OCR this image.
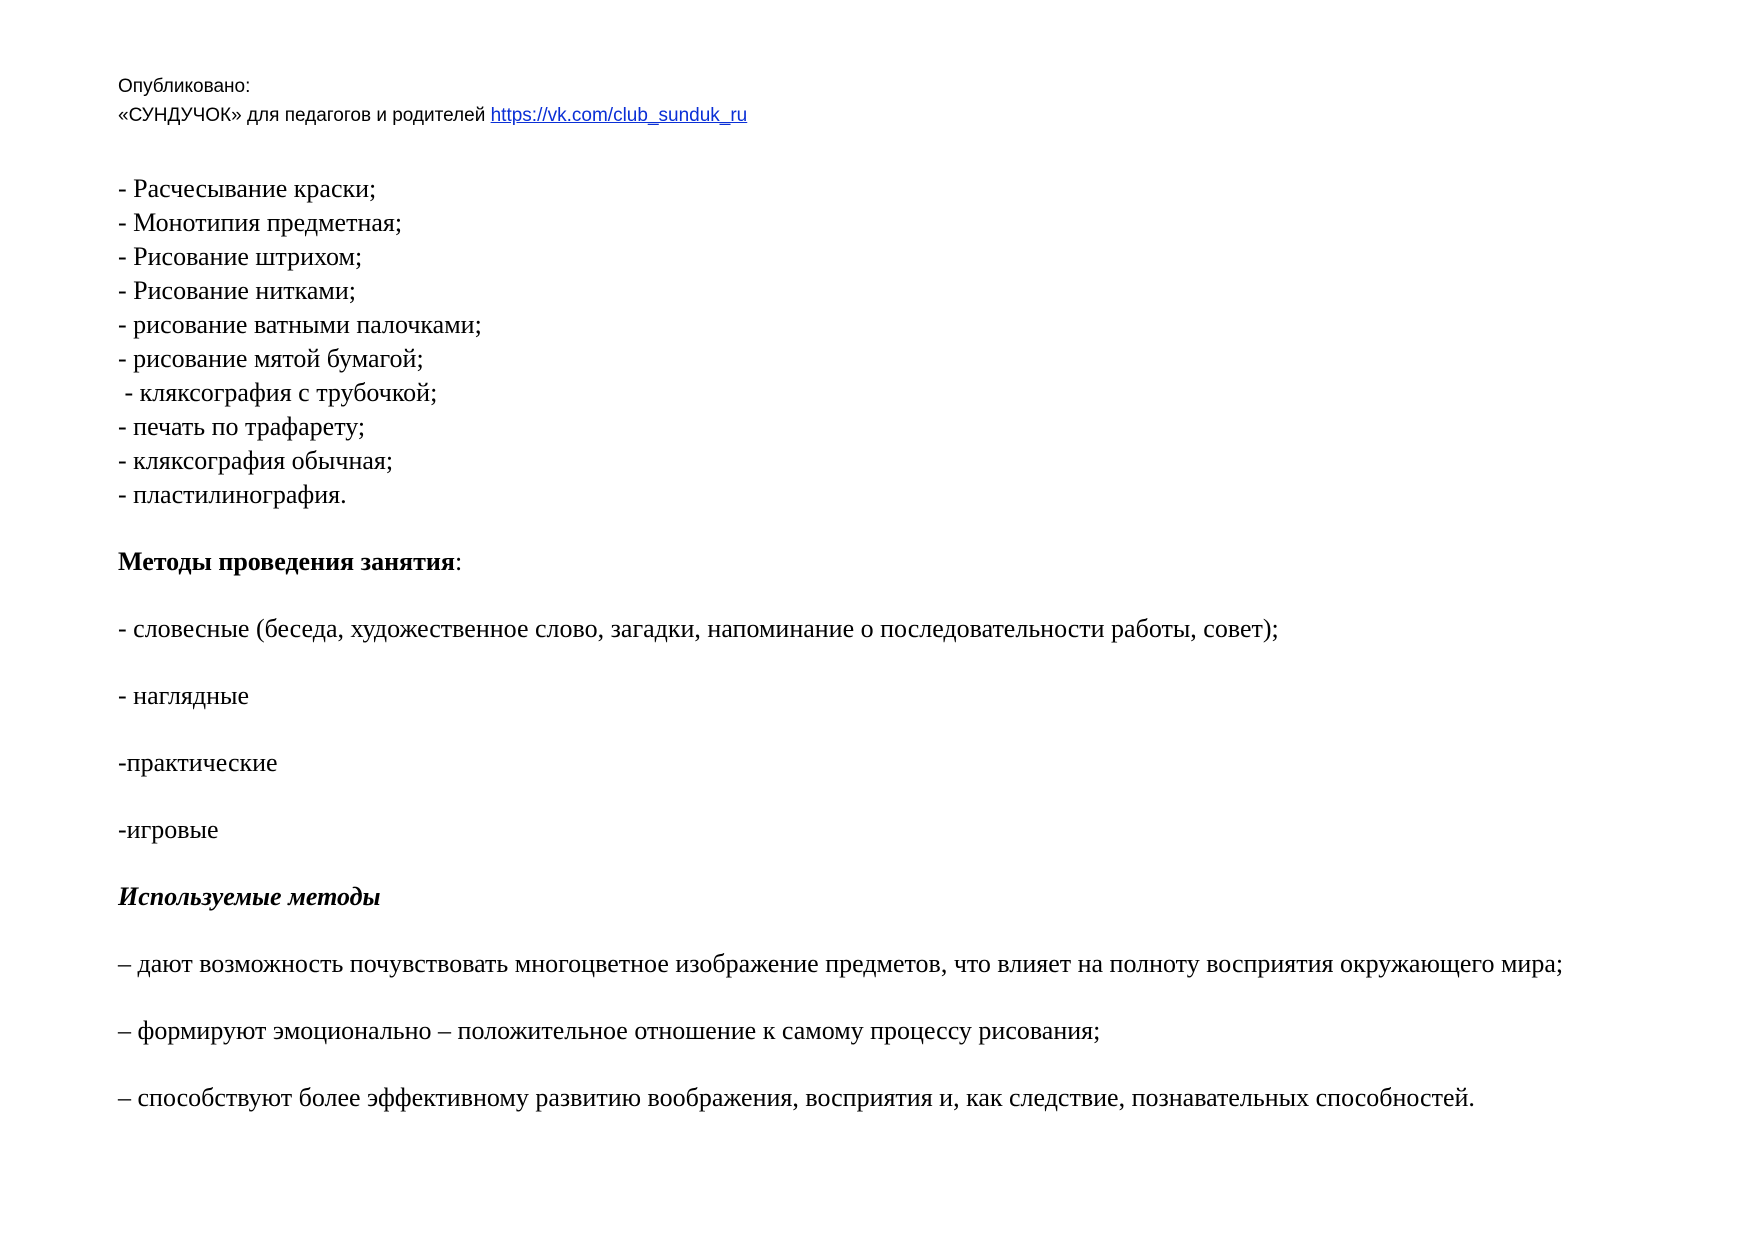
Опубликовано:
«СУНДУЧОК» для педагогов и родителей https://vk.com/club_sunduk_ru
- Расчесывание краски;
- Монотипия предметная;
- Рисование штрихом;
- Рисование нитками;
- рисование ватными палочками;
- рисование мятой бумагой;
- кляксография с трубочкой;
- печать по трафарету;
- кляксография обычная;
- пластилинография.
Методы проведения занятия:
- словесные (беседа, художественное слово, загадки, напоминание о последовательности работы, совет);
- наглядные
-практические
-игровые
Используемые методы
– дают возможность почувствовать многоцветное изображение предметов, что влияет на полноту восприятия окружающего мира;
– формируют эмоционально – положительное отношение к самому процессу рисования;
– способствуют более эффективному развитию воображения, восприятия и, как следствие, познавательных способностей.
